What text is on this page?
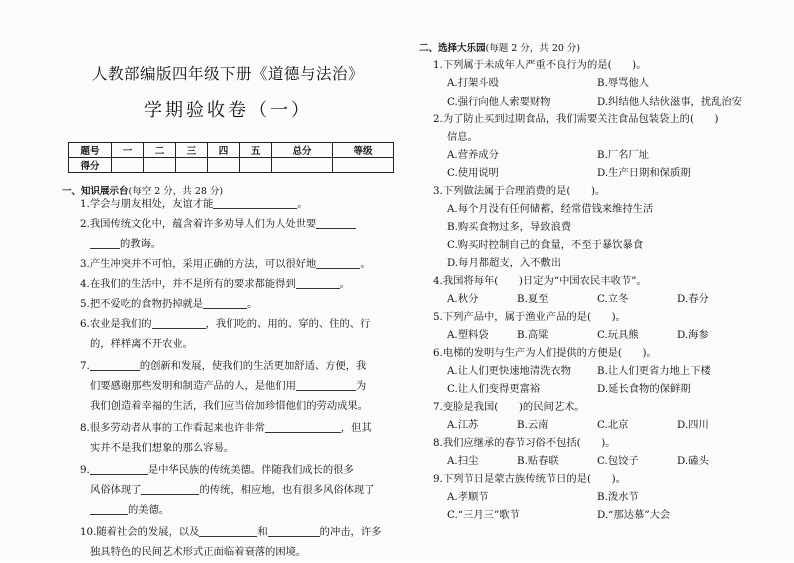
人教部编版四年级下册《道德与法治》
学期验收卷（一）
题号	一	二	三	四	五	总分	等级
得分							
一、知识展示台(每空 2 分，共 28 分)
1.学会与朋友相处，友谊才能	。
2.我国传统文化中，蕴含着许多劝导人们为人处世要
的教诲。
3.产生冲突并不可怕，采用正确的方法，可以很好地	。
4.在我们的生活中，并不是所有的要求都能得到	。
5.把不爱吃的食物扔掉就是	。
6.农业是我们的	，我们吃的、用的、穿的、住的、行
的，样样离不开农业。
7.	的创新和发展，使我们的生活更加舒适、方便，我
们要感谢那些发明和制造产品的人，是他们用	为
我们创造着幸福的生活，我们应当倍加珍惜他们的劳动成果。
8.很多劳动者从事的工作看起来也许非常	，但其
实并不是我们想象的那么容易。
9.	是中华民族的传统美德。伴随我们成长的很多
风俗体现了	的传统，相应地，也有很多风俗体现了
的美德。
10.随着社会的发展，以及	和	的冲击，许多
独具特色的民间艺术形式正面临着衰落的困境。
二、选择大乐园(每题 2 分，共 20 分)
1.下列属于未成年人严重不良行为的是(　　)。
A.打架斗殴	B.辱骂他人
C.强行向他人索要财物	D.纠结他人结伙滋事，扰乱治安
2.为了防止买到过期食品，我们需要关注食品包装袋上的(　　)
信息。
A.营养成分	B.厂名厂址
C.使用说明	D.生产日期和保质期
3.下列做法属于合理消费的是(　　)。
A.每个月没有任何储蓄，经常借钱来维持生活
B.购买食物过多，导致浪费
C.购买时控制自己的食量，不至于暴饮暴食
D.每月都超支，入不敷出
4.我国将每年(　　)日定为“中国农民丰收节”。
A.秋分	B.夏至	C.立冬	D.春分
5.下列产品中，属于渔业产品的是(　　)。
A.塑料袋	B.高粱	C.玩具熊	D.海参
6.电梯的发明与生产为人们提供的方便是(　　)。
A.让人们更快速地清洗衣物	B.让人们更省力地上下楼
C.让人们变得更富裕	D.延长食物的保鲜期
7.变脸是我国(　　)的民间艺术。
A.江苏	B.云南	C.北京	D.四川
8.我们应继承的春节习俗不包括(　　)。
A.扫尘	B.贴春联	C.包饺子	D.磕头
9.下列节日是蒙古族传统节日的是(　　)。
A.孝顺节	B.泼水节
C.“三月三”歌节	D.“那达慕”大会
